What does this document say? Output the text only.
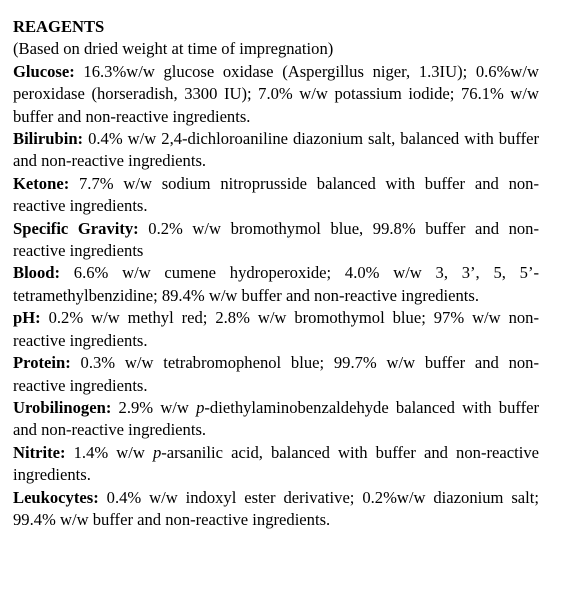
REAGENTS
(Based on dried weight at time of impregnation)

Glucose: 16.3%w/w glucose oxidase (Aspergillus niger, 1.3IU); 0.6%w/w peroxidase (horseradish, 3300 IU); 7.0% w/w potassium iodide; 76.1% w/w buffer and non-reactive ingredients.

Bilirubin: 0.4% w/w 2,4-dichloroaniline diazonium salt, balanced with buffer and non-reactive ingredients.

Ketone: 7.7% w/w sodium nitroprusside balanced with buffer and non-reactive ingredients.

Specific Gravity: 0.2% w/w bromothymol blue, 99.8% buffer and non-reactive ingredients

Blood: 6.6% w/w cumene hydroperoxide; 4.0% w/w 3, 3’, 5, 5’-tetramethylbenzidine; 89.4% w/w buffer and non-reactive ingredients.

pH: 0.2% w/w methyl red; 2.8% w/w bromothymol blue; 97% w/w non-reactive ingredients.

Protein: 0.3% w/w tetrabromophenol blue; 99.7% w/w buffer and non-reactive ingredients.

Urobilinogen: 2.9% w/w p-diethylaminobenzaldehyde balanced with buffer and non-reactive ingredients.

Nitrite: 1.4% w/w p-arsanilic acid, balanced with buffer and non-reactive ingredients.

Leukocytes: 0.4% w/w indoxyl ester derivative; 0.2%w/w diazonium salt; 99.4% w/w buffer and non-reactive ingredients.
